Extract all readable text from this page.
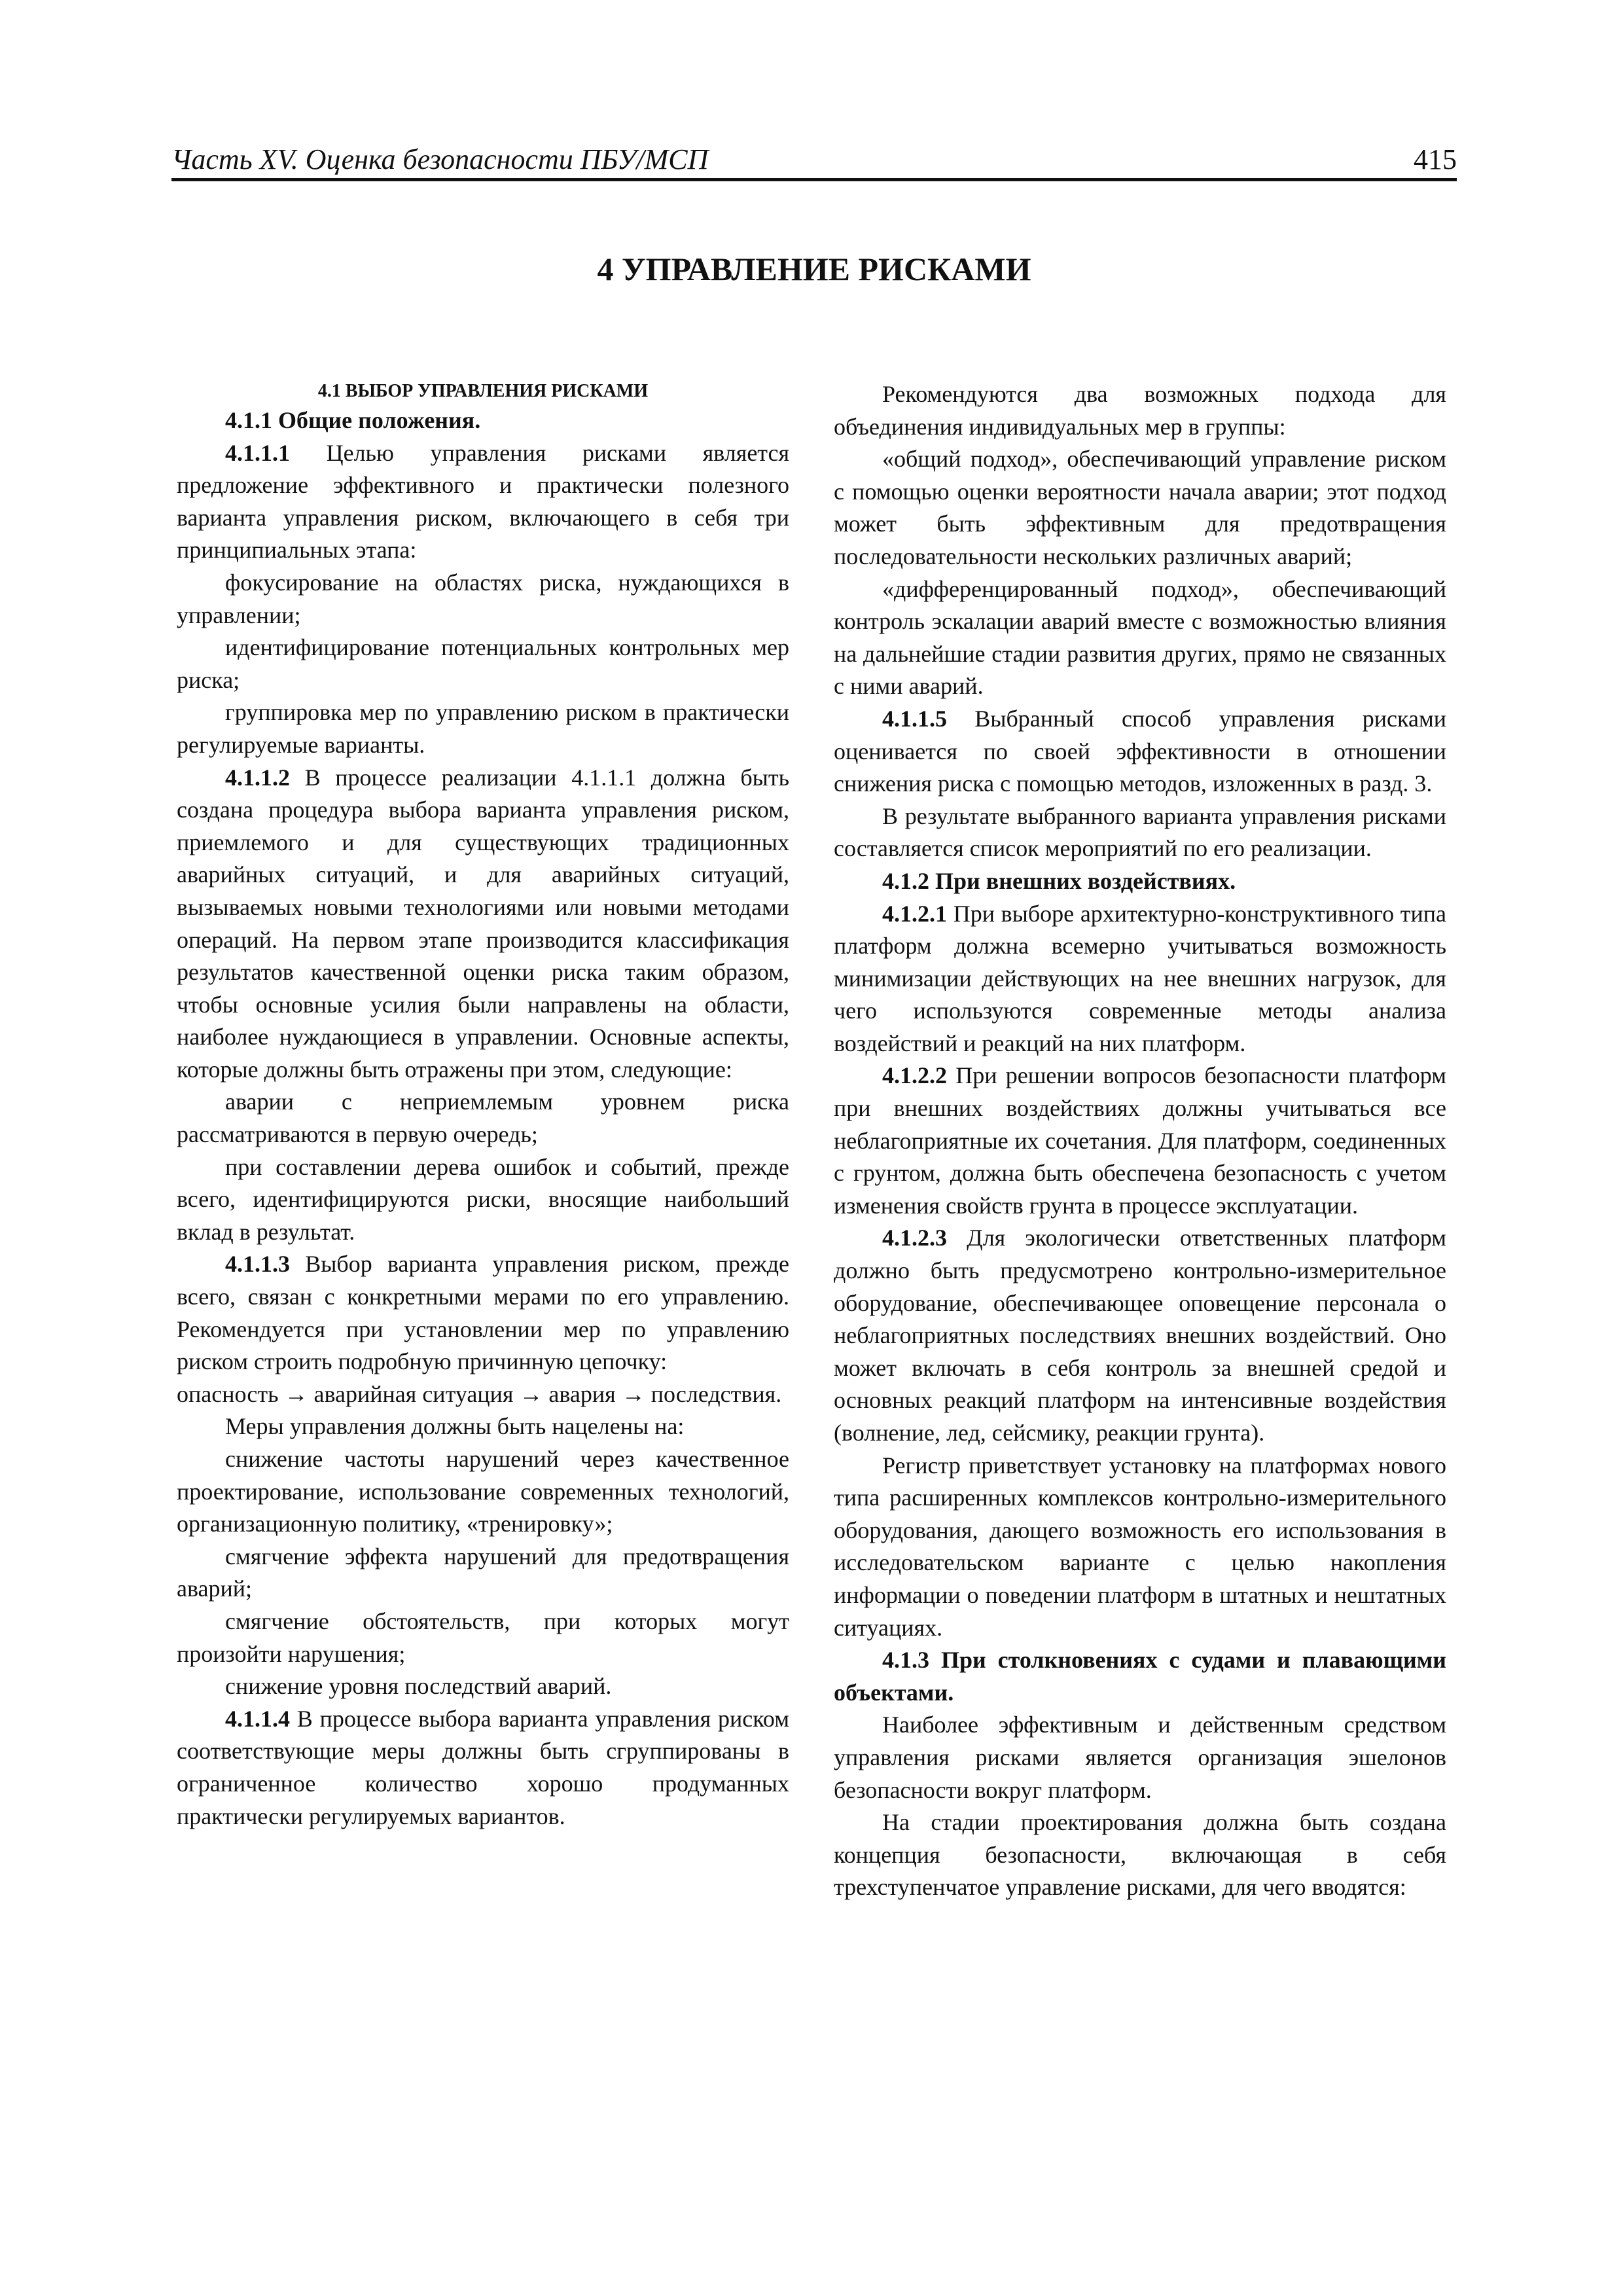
Часть XV. Оценка безопасности ПБУ/МСП	415
4 УПРАВЛЕНИЕ РИСКАМИ

4.1 ВЫБОР УПРАВЛЕНИЯ РИСКАМИ

4.1.1 Общие положения.

4.1.1.1 Целью управления рисками является предложение эффективного и практически полезного варианта управления риском, включающего в себя три принципиальных этапа:

фокусирование на областях риска, нуждающихся в управлении;

идентифицирование потенциальных контрольных мер риска;

группировка мер по управлению риском в практически регулируемые варианты.

4.1.1.2 В процессе реализации 4.1.1.1 должна быть создана процедура выбора варианта управления риском, приемлемого и для существующих традиционных аварийных ситуаций, и для аварийных ситуаций, вызываемых новыми технологиями или новыми методами операций. На первом этапе производится классификация результатов качественной оценки риска таким образом, чтобы основные усилия были направлены на области, наиболее нуждающиеся в управлении. Основные аспекты, которые должны быть отражены при этом, следующие:

аварии с неприемлемым уровнем риска рассматриваются в первую очередь;

при составлении дерева ошибок и событий, прежде всего, идентифицируются риски, вносящие наибольший вклад в результат.

4.1.1.3 Выбор варианта управления риском, прежде всего, связан с конкретными мерами по его управлению. Рекомендуется при установлении мер по управлению риском строить подробную причинную цепочку:

опасность → аварийная ситуация → авария → последствия.

Меры управления должны быть нацелены на:

снижение частоты нарушений через качественное проектирование, использование современных технологий, организационную политику, «тренировку»;

смягчение эффекта нарушений для предотвращения аварий;

смягчение обстоятельств, при которых могут произойти нарушения;

снижение уровня последствий аварий.

4.1.1.4 В процессе выбора варианта управления риском соответствующие меры должны быть сгруппированы в ограниченное количество хорошо продуманных практически регулируемых вариантов.

Рекомендуются два возможных подхода для объединения индивидуальных мер в группы:

«общий подход», обеспечивающий управление риском с помощью оценки вероятности начала аварии; этот подход может быть эффективным для предотвращения последовательности нескольких различных аварий;

«дифференцированный подход», обеспечивающий контроль эскалации аварий вместе с возможностью влияния на дальнейшие стадии развития других, прямо не связанных с ними аварий.

4.1.1.5 Выбранный способ управления рисками оценивается по своей эффективности в отношении снижения риска с помощью методов, изложенных в разд. 3.

В результате выбранного варианта управления рисками составляется список мероприятий по его реализации.

4.1.2 При внешних воздействиях.

4.1.2.1 При выборе архитектурно-конструктивного типа платформ должна всемерно учитываться возможность минимизации действующих на нее внешних нагрузок, для чего используются современные методы анализа воздействий и реакций на них платформ.

4.1.2.2 При решении вопросов безопасности платформ при внешних воздействиях должны учитываться все неблагоприятные их сочетания. Для платформ, соединенных с грунтом, должна быть обеспечена безопасность с учетом изменения свойств грунта в процессе эксплуатации.

4.1.2.3 Для экологически ответственных платформ должно быть предусмотрено контрольно-измерительное оборудование, обеспечивающее оповещение персонала о неблагоприятных последствиях внешних воздействий. Оно может включать в себя контроль за внешней средой и основных реакций платформ на интенсивные воздействия (волнение, лед, сейсмику, реакции грунта).

Регистр приветствует установку на платформах нового типа расширенных комплексов контрольно-измерительного оборудования, дающего возможность его использования в исследовательском варианте с целью накопления информации о поведении платформ в штатных и нештатных ситуациях.

4.1.3 При столкновениях с судами и плавающими объектами.

Наиболее эффективным и действенным средством управления рисками является организация эшелонов безопасности вокруг платформ.

На стадии проектирования должна быть создана концепция безопасности, включающая в себя трехступенчатое управление рисками, для чего вводятся:
